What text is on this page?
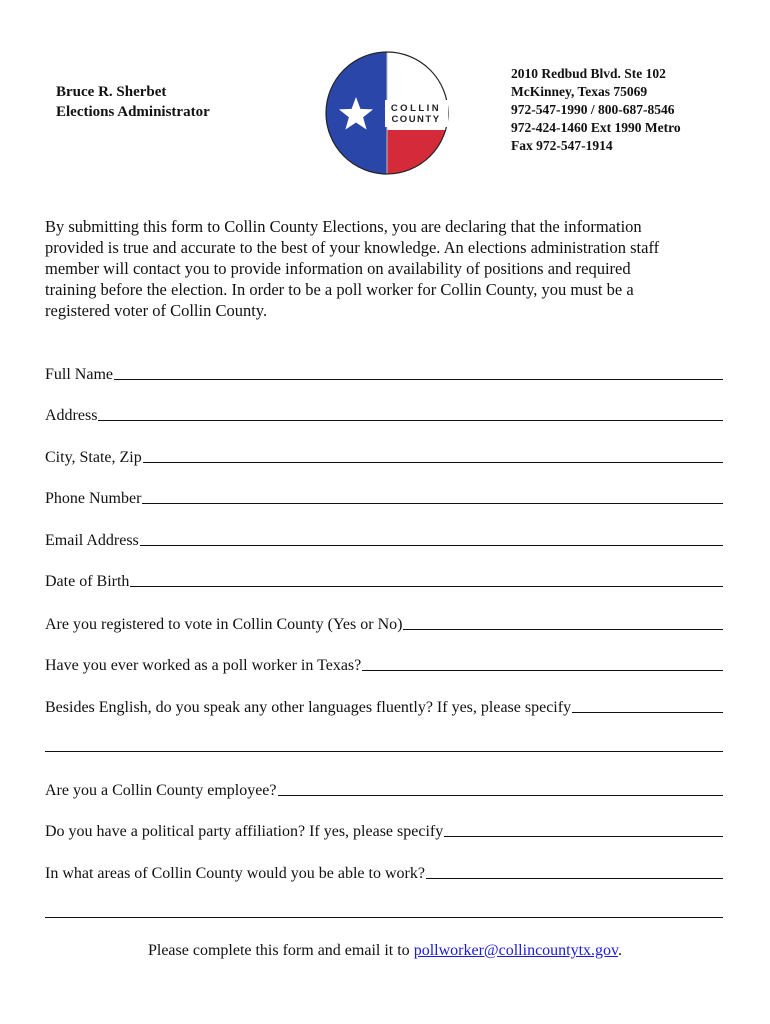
Bruce R. Sherbet
Elections Administrator	COLLIN
COUNTY
2010 Redbud Blvd. Ste 102
McKinney, Texas 75069
972-547-1990 / 800-687-8546
972-424-1460 Ext 1990 Metro
Fax 972-547-1914
By submitting this form to Collin County Elections, you are declaring that the information
provided is true and accurate to the best of your knowledge. An elections administration staff
member will contact you to provide information on availability of positions and required
training before the election. In order to be a poll worker for Collin County, you must be a
registered voter of Collin County.
Full Name
Address
City, State, Zip
Phone Number
Email Address
Date of Birth
Are you registered to vote in Collin County (Yes or No)
Have you ever worked as a poll worker in Texas?
Besides English, do you speak any other languages fluently? If yes, please specify
Are you a Collin County employee?
Do you have a political party affiliation? If yes, please specify
In what areas of Collin County would you be able to work?
Please complete this form and email it to pollworker@collincountytx.gov.
